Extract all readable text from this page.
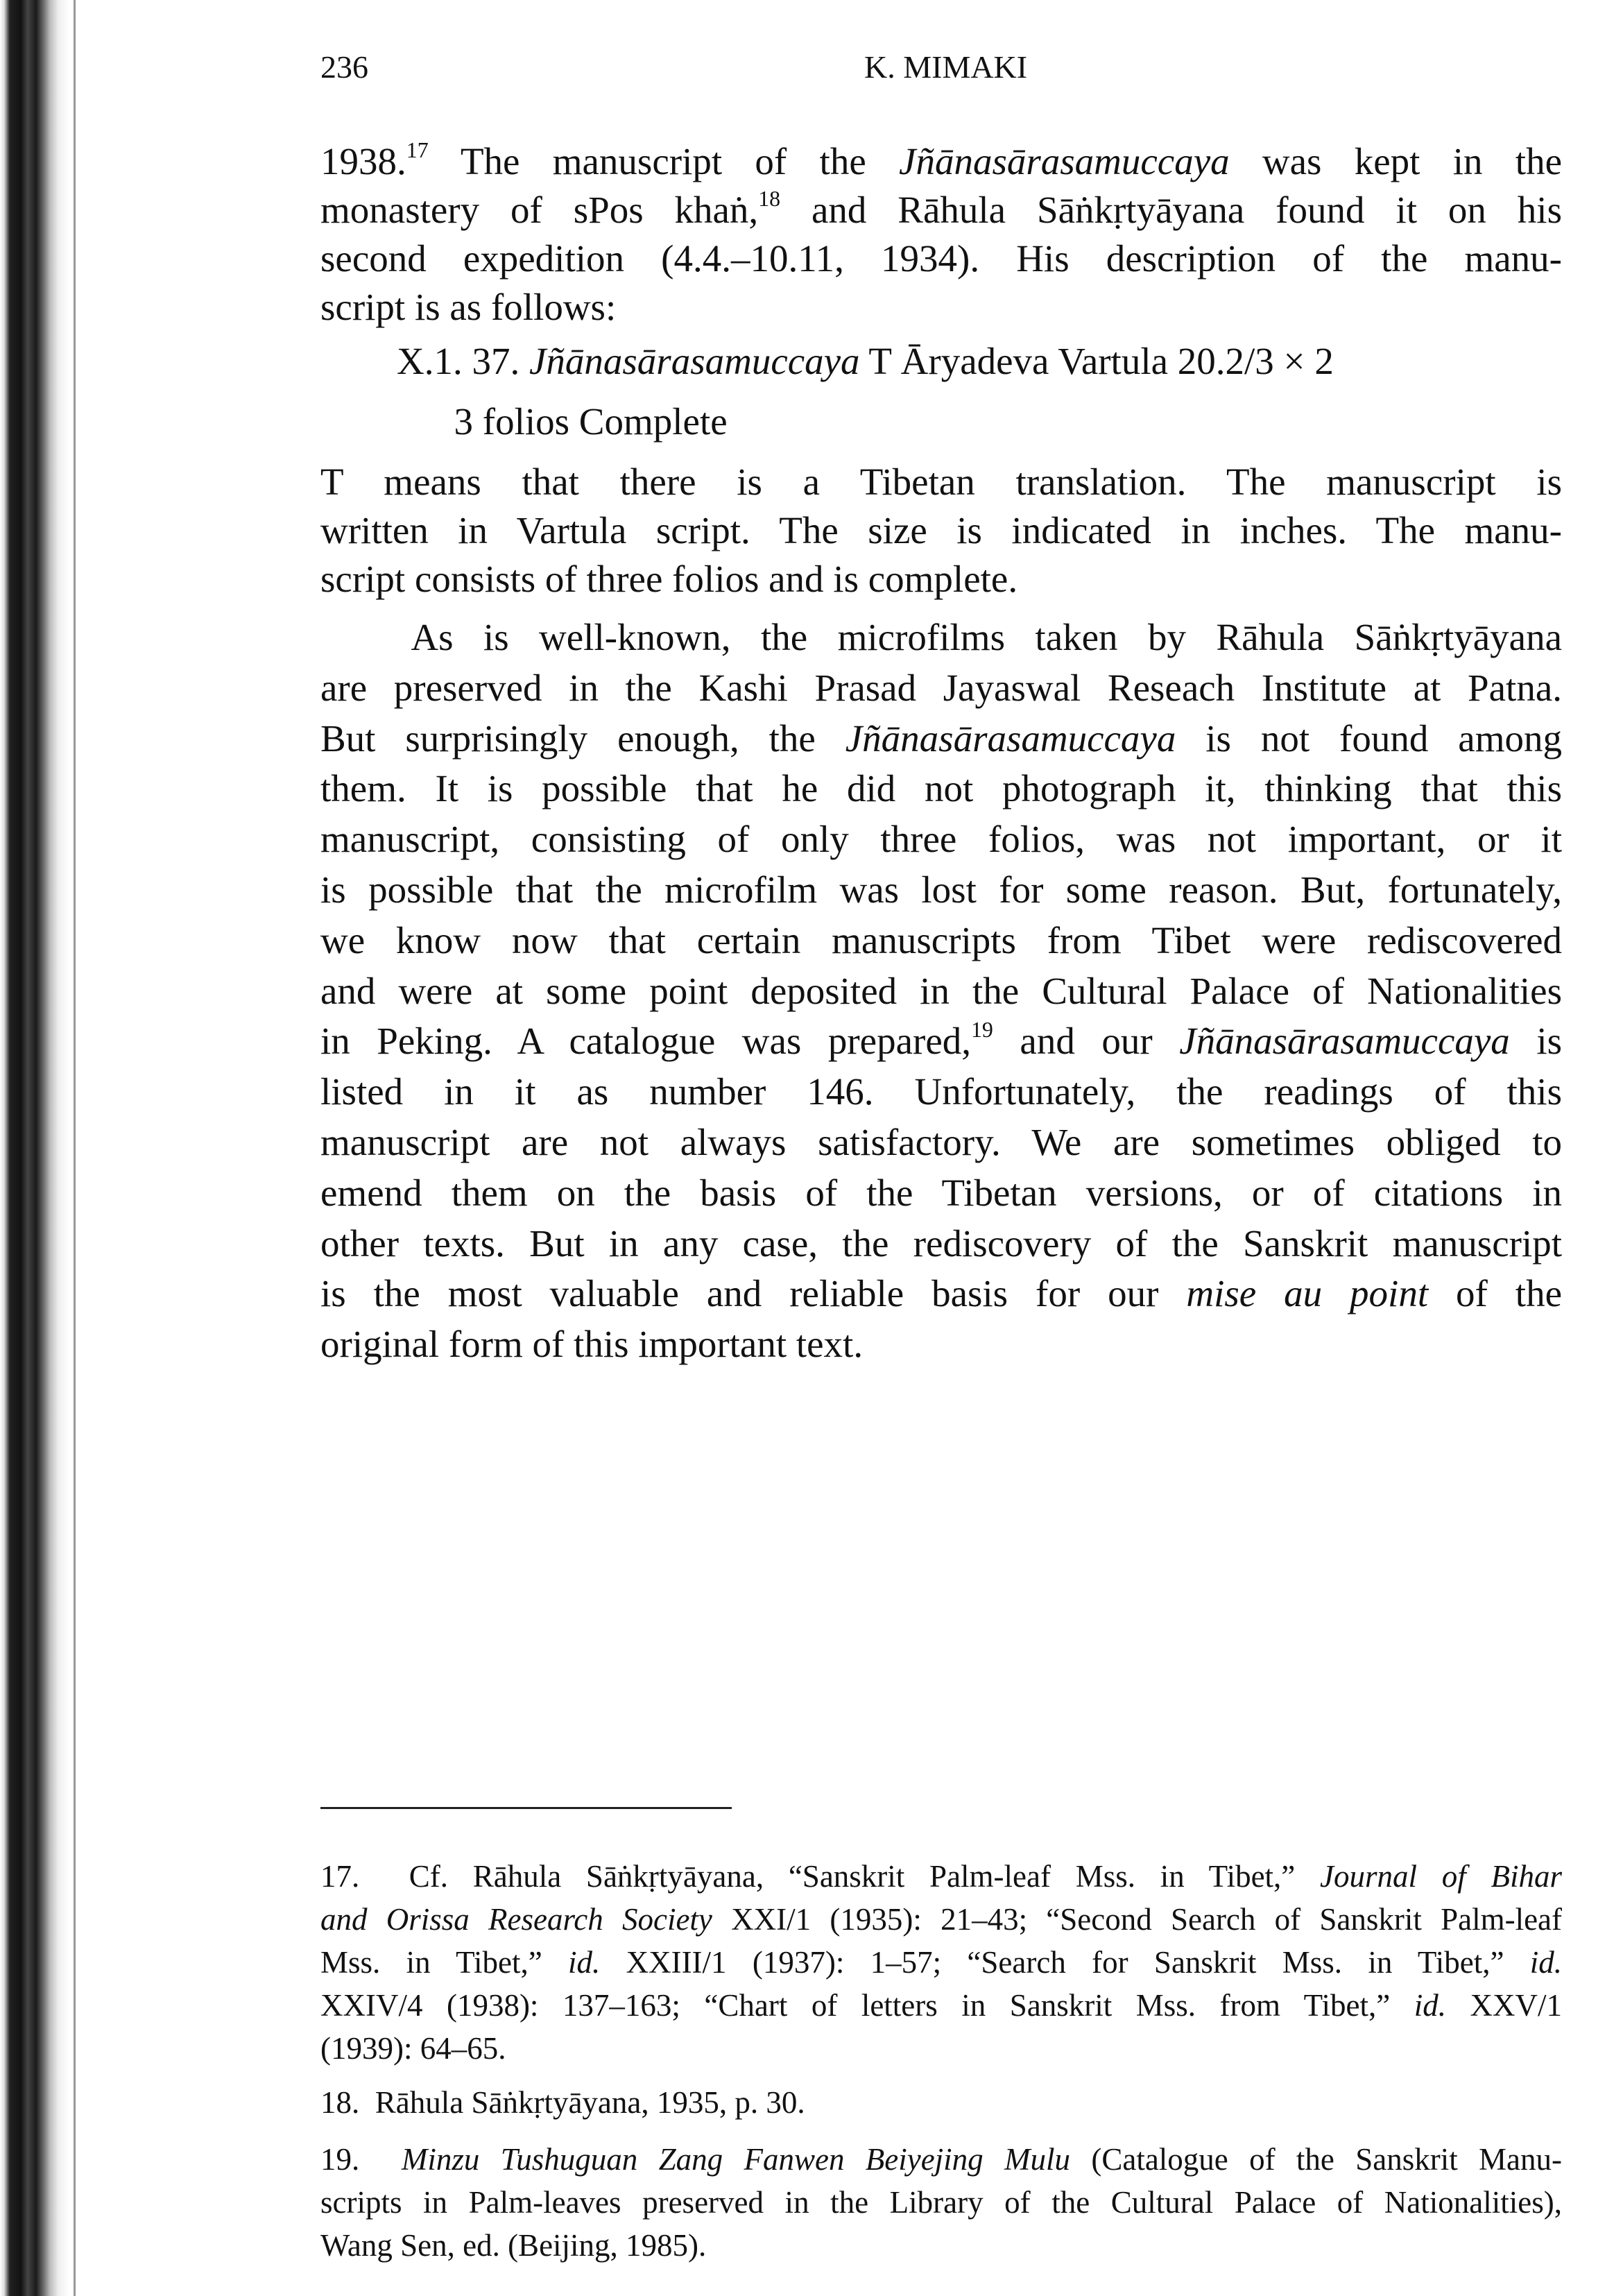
236	K. MIMAKI
1938.17 The manuscript of the Jñānasārasamuccaya was kept in the
monastery of sPos khaṅ,$^{18}$ and Rāhula Sāṅkṛtyāyana found it on his
second expedition (4.4.–10.11, 1934). His description of the manu-
script is as follows:
X.1. 37. Jñānasārasamuccaya T Āryadeva Vartula 20.2/3 × 2
3 folios Complete
T means that there is a Tibetan translation. The manuscript is
written in Vartula script. The size is indicated in inches. The manu-
script consists of three folios and is complete.
As is well-known, the microfilms taken by Rāhula Sāṅkṛtyāyana
are preserved in the Kashi Prasad Jayaswal Reseach Institute at Patna.
But surprisingly enough, the Jñānasārasamuccaya is not found among
them. It is possible that he did not photograph it, thinking that this
manuscript, consisting of only three folios, was not important, or it
is possible that the microfilm was lost for some reason. But, fortunately,
we know now that certain manuscripts from Tibet were rediscovered
and were at some point deposited in the Cultural Palace of Nationalities
in Peking. A catalogue was prepared,$^{19}$ and our Jñānasārasamuccaya is
listed in it as number 146. Unfortunately, the readings of this
manuscript are not always satisfactory. We are sometimes obliged to
emend them on the basis of the Tibetan versions, or of citations in
other texts. But in any case, the rediscovery of the Sanskrit manuscript
is the most valuable and reliable basis for our mise au point of the
original form of this important text.
17.  Cf. Rāhula Sāṅkṛtyāyana, “Sanskrit Palm-leaf Mss. in Tibet,” Journal of Bihar
and Orissa Research Society XXI/1 (1935): 21–43; “Second Search of Sanskrit Palm-leaf
Mss. in Tibet,” id. XXIII/1 (1937): 1–57; “Search for Sanskrit Mss. in Tibet,” id.
XXIV/4 (1938): 137–163; “Chart of letters in Sanskrit Mss. from Tibet,” id. XXV/1
(1939): 64–65.
18.  Rāhula Sāṅkṛtyāyana, 1935, p. 30.
19.  Minzu Tushuguan Zang Fanwen Beiyejing Mulu (Catalogue of the Sanskrit Manu-
scripts in Palm-leaves preserved in the Library of the Cultural Palace of Nationalities),
Wang Sen, ed. (Beijing, 1985).
